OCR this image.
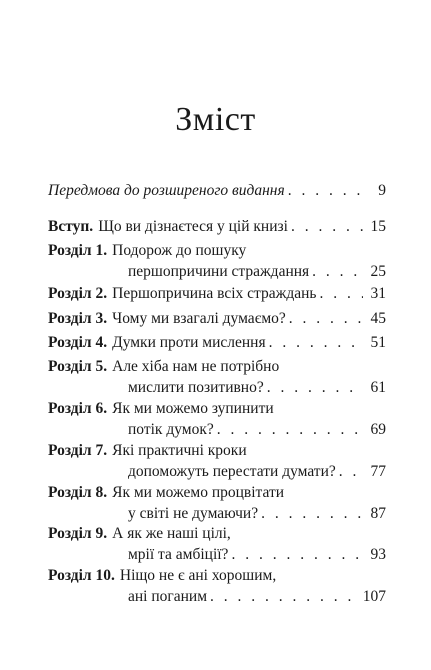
Зміст
Передмова до розширеного видання . . .	9
Вступ. Що ви дізнаєтеся у цій книзі . . .	15
Розділ 1. Подорож до пошуку
першопричини страждання . . .	25
Розділ 2. Першопричина всіх страждань . . .	31
Розділ 3. Чому ми взагалі думаємо? . . .	45
Розділ 4. Думки проти мислення . . .	51
Розділ 5. Але хіба нам не потрібно
мислити позитивно? . . .	61
Розділ 6. Як ми можемо зупинити
потік думок? . . .	69
Розділ 7. Які практичні кроки
допоможуть перестати думати? . . . 77
Розділ 8. Як ми можемо процвітати
у світі не думаючи? . . .	87
Розділ 9. А як же наші цілі,
мрії та амбіції? . . .	93
Розділ 10. Ніщо не є ані хорошим,
ані поганим . . .	107
